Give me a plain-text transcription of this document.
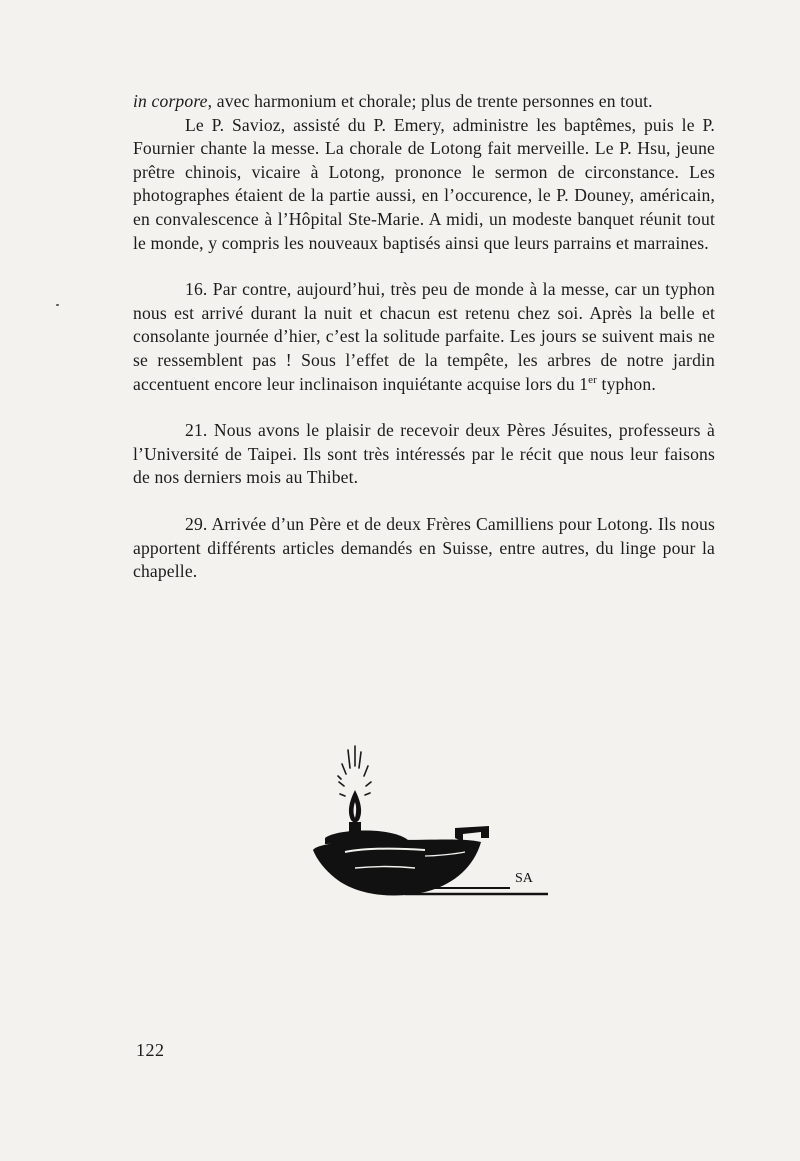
in corpore, avec harmonium et chorale; plus de trente personnes en tout.

Le P. Savioz, assisté du P. Emery, administre les baptêmes, puis le P. Fournier chante la messe. La chorale de Lotong fait merveille. Le P. Hsu, jeune prêtre chinois, vicaire à Lotong, prononce le sermon de circonstance. Les photographes étaient de la partie aussi, en l’occurence, le P. Douney, américain, en convalescence à l’Hôpital Ste-Marie. A midi, un modeste banquet réunit tout le monde, y compris les nouveaux baptisés ainsi que leurs parrains et marraines.

16. Par contre, aujourd’hui, très peu de monde à la messe, car un typhon nous est arrivé durant la nuit et chacun est retenu chez soi. Après la belle et consolante journée d’hier, c’est la solitude parfaite. Les jours se suivent mais ne se ressemblent pas ! Sous l’effet de la tempête, les arbres de notre jardin accentuent encore leur inclinaison inquiétante acquise lors du 1er typhon.

21. Nous avons le plaisir de recevoir deux Pères Jésuites, professeurs à l’Université de Taipei. Ils sont très intéressés par le récit que nous leur faisons de nos derniers mois au Thibet.

29. Arrivée d’un Père et de deux Frères Camilliens pour Lotong. Ils nous apportent différents articles demandés en Suisse, entre autres, du linge pour la chapelle.

SA
122
